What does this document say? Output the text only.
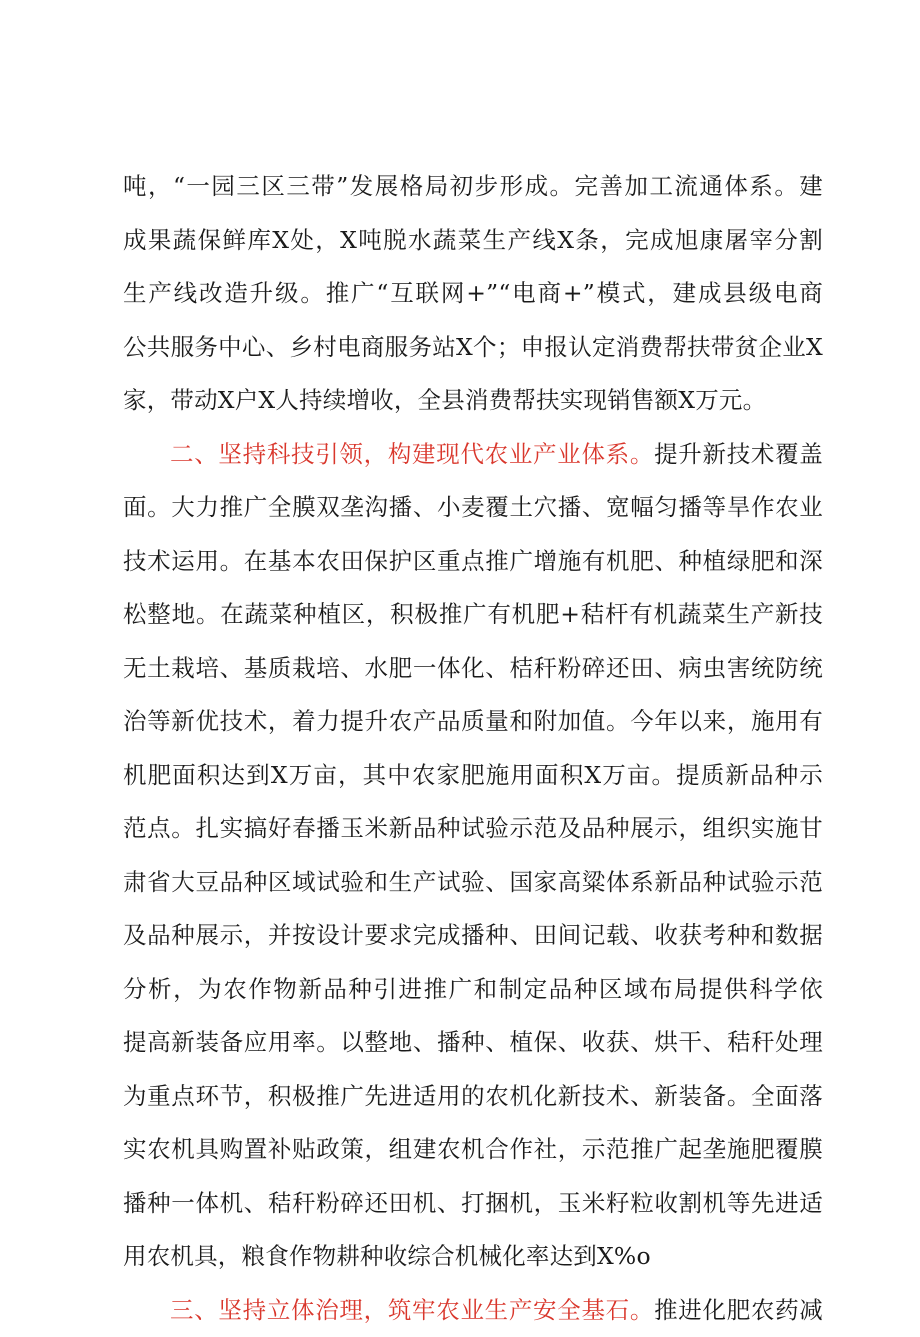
吨，“一园三区三带”发展格局初步形成。完善加工流通体系。建
成果蔬保鲜库X处，X吨脱水蔬菜生产线X条，完成旭康屠宰分割
生产线改造升级。推广“互联网+”“电商+”模式，建成县级电商
公共服务中心、乡村电商服务站X个；申报认定消费帮扶带贫企业X
家，带动X户X人持续增收，全县消费帮扶实现销售额X万元。
二、坚持科技引领，构建现代农业产业体系。提升新技术覆盖
面。大力推广全膜双垄沟播、小麦覆土穴播、宽幅匀播等旱作农业
技术运用。在基本农田保护区重点推广增施有机肥、种植绿肥和深
松整地。在蔬菜种植区，积极推广有机肥+秸杆有机蔬菜生产新技
无土栽培、基质栽培、水肥一体化、桔秆粉碎还田、病虫害统防统
治等新优技术，着力提升农产品质量和附加值。今年以来，施用有
机肥面积达到X万亩，其中农家肥施用面积X万亩。提质新品种示
范点。扎实搞好春播玉米新品种试验示范及品种展示，组织实施甘
肃省大豆品种区域试验和生产试验、国家高粱体系新品种试验示范
及品种展示，并按设计要求完成播种、田间记载、收获考种和数据
分析，为农作物新品种引进推广和制定品种区域布局提供科学依
提高新装备应用率。以整地、播种、植保、收获、烘干、秸秆处理
为重点环节，积极推广先进适用的农机化新技术、新装备。全面落
实农机具购置补贴政策，组建农机合作社，示范推广起垄施肥覆膜
播种一体机、秸秆粉碎还田机、打捆机，玉米籽粒收割机等先进适
用农机具，粮食作物耕种收综合机械化率达到X%o
三、坚持立体治理，筑牢农业生产安全基石。推进化肥农药减
